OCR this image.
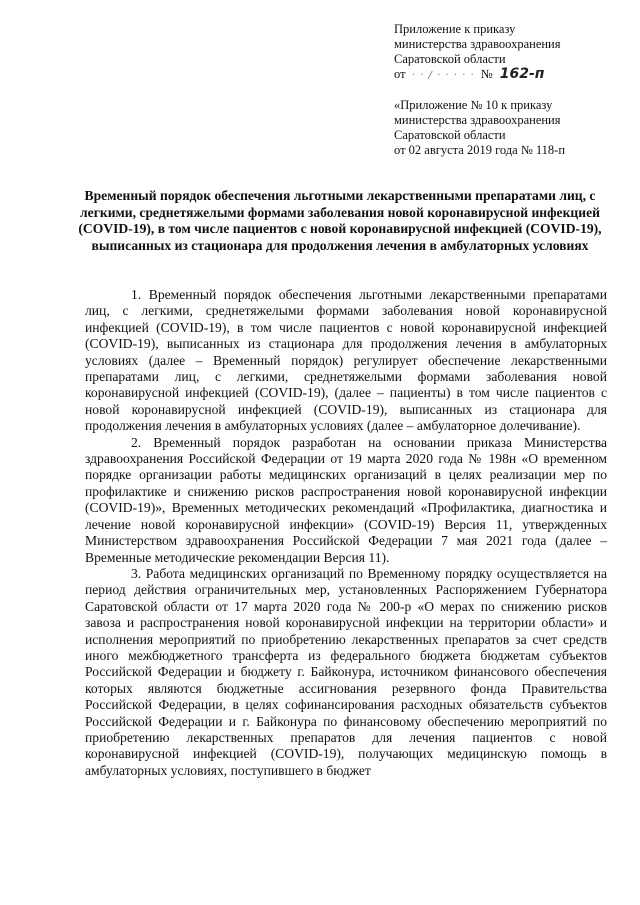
Приложение к приказу
министерства здравоохранения
Саратовской области
от · · / · · · · · № 162-п
«Приложение № 10 к приказу
министерства здравоохранения
Саратовской области
от 02 августа 2019 года № 118-п
Временный порядок обеспечения льготными лекарственными препаратами лиц, с легкими, среднетяжелыми формами заболевания новой коронавирусной инфекцией (COVID-19), в том числе пациентов с новой коронавирусной инфекцией (COVID-19), выписанных из стационара для продолжения лечения в амбулаторных условиях

1. Временный порядок обеспечения льготными лекарственными препаратами лиц, с легкими, среднетяжелыми формами заболевания новой коронавирусной инфекцией (COVID-19), в том числе пациентов с новой коронавирусной инфекцией (COVID-19), выписанных из стационара для продолжения лечения в амбулаторных условиях (далее – Временный порядок) регулирует обеспечение лекарственными препаратами лиц, с легкими, среднетяжелыми формами заболевания новой коронавирусной инфекцией (COVID-19), (далее – пациенты) в том числе пациентов с новой коронавирусной инфекцией (COVID-19), выписанных из стационара для продолжения лечения в амбулаторных условиях (далее – амбулаторное долечивание).

2. Временный порядок разработан на основании приказа Министерства здравоохранения Российской Федерации от 19 марта 2020 года № 198н «О временном порядке организации работы медицинских организаций в целях реализации мер по профилактике и снижению рисков распространения новой коронавирусной инфекции (COVID-19)», Временных методических рекомендаций «Профилактика, диагностика и лечение новой коронавирусной инфекции» (COVID-19) Версия 11, утвержденных Министерством здравоохранения Российской Федерации 7 мая 2021 года (далее – Временные методические рекомендации Версия 11).

3. Работа медицинских организаций по Временному порядку осуществляется на период действия ограничительных мер, установленных Распоряжением Губернатора Саратовской области от 17 марта 2020 года № 200-р «О мерах по снижению рисков завоза и распространения новой коронавирусной инфекции на территории области» и исполнения мероприятий по приобретению лекарственных препаратов за счет средств иного межбюджетного трансферта из федерального бюджета бюджетам субъектов Российской Федерации и бюджету г. Байконура, источником финансового обеспечения которых являются бюджетные ассигнования резервного фонда Правительства Российской Федерации, в целях софинансирования расходных обязательств субъектов Российской Федерации и г. Байконура по финансовому обеспечению мероприятий по приобретению лекарственных препаратов для лечения пациентов с новой коронавирусной инфекцией (COVID-19), получающих медицинскую помощь в амбулаторных условиях, поступившего в бюджет
